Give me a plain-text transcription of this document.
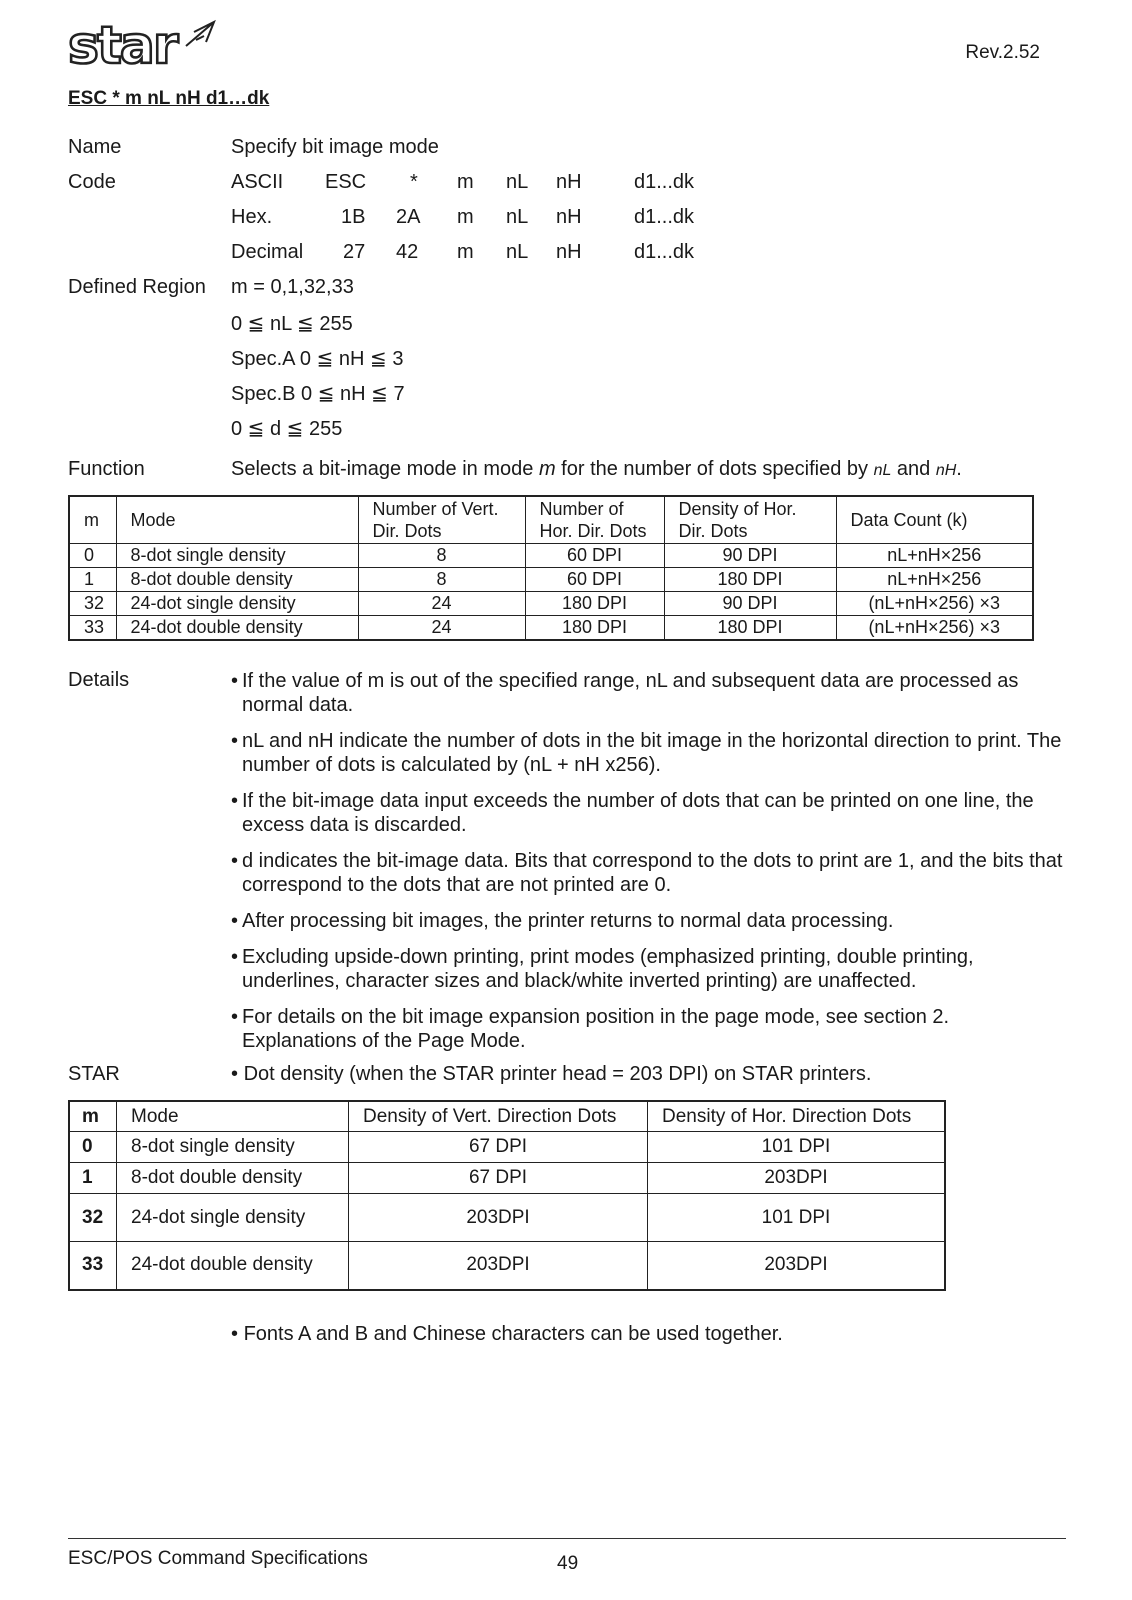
star	Rev.2.52
ESC * m nL nH d1…dk
Name	Specify bit image mode
Code	ASCII ESC * m nL nH	d1...dk
Hex.	1B 2A m nL nH	d1...dk
Decimal 27 42 m nL nH	d1...dk
Defined Region m = 0,1,32,33
0 ≦ nL ≦ 255
Spec.A 0 ≦ nH ≦ 3
Spec.B 0 ≦ nH ≦ 7
0 ≦ d ≦ 255
Function	Selects a bit-image mode in mode m for the number of dots specified by nL and nH.
m	Mode	Number of Vert. Dir. Dots	Number of Hor. Dir. Dots	Density of Hor. Dir. Dots	Data Count (k)
0	8-dot single density	8	60 DPI	90 DPI	nL+nH×256
1	8-dot double density	8	60 DPI	180 DPI	nL+nH×256
32	24-dot single density	24	180 DPI	90 DPI	(nL+nH×256) ×3
33	24-dot double density	24	180 DPI	180 DPI	(nL+nH×256) ×3
Details	• If the value of m is out of the specified range, nL and subsequent data are processed as normal data.
• nL and nH indicate the number of dots in the bit image in the horizontal direction to print. The number of dots is calculated by (nL + nH x256).
• If the bit-image data input exceeds the number of dots that can be printed on one line, the excess data is discarded.
• d indicates the bit-image data. Bits that correspond to the dots to print are 1, and the bits that correspond to the dots that are not printed are 0.
• After processing bit images, the printer returns to normal data processing.
• Excluding upside-down printing, print modes (emphasized printing, double printing, underlines, character sizes and black/white inverted printing) are unaffected.
• For details on the bit image expansion position in the page mode, see section 2. Explanations of the Page Mode.
STAR	• Dot density (when the STAR printer head = 203 DPI) on STAR printers.
m	Mode	Density of Vert. Direction Dots	Density of Hor. Direction Dots
0	8-dot single density	67 DPI	101 DPI
1	8-dot double density	67 DPI	203DPI
32	24-dot single density	203DPI	101 DPI
33	24-dot double density	203DPI	203DPI
• Fonts A and B and Chinese characters can be used together.
ESC/POS Command Specifications	49
